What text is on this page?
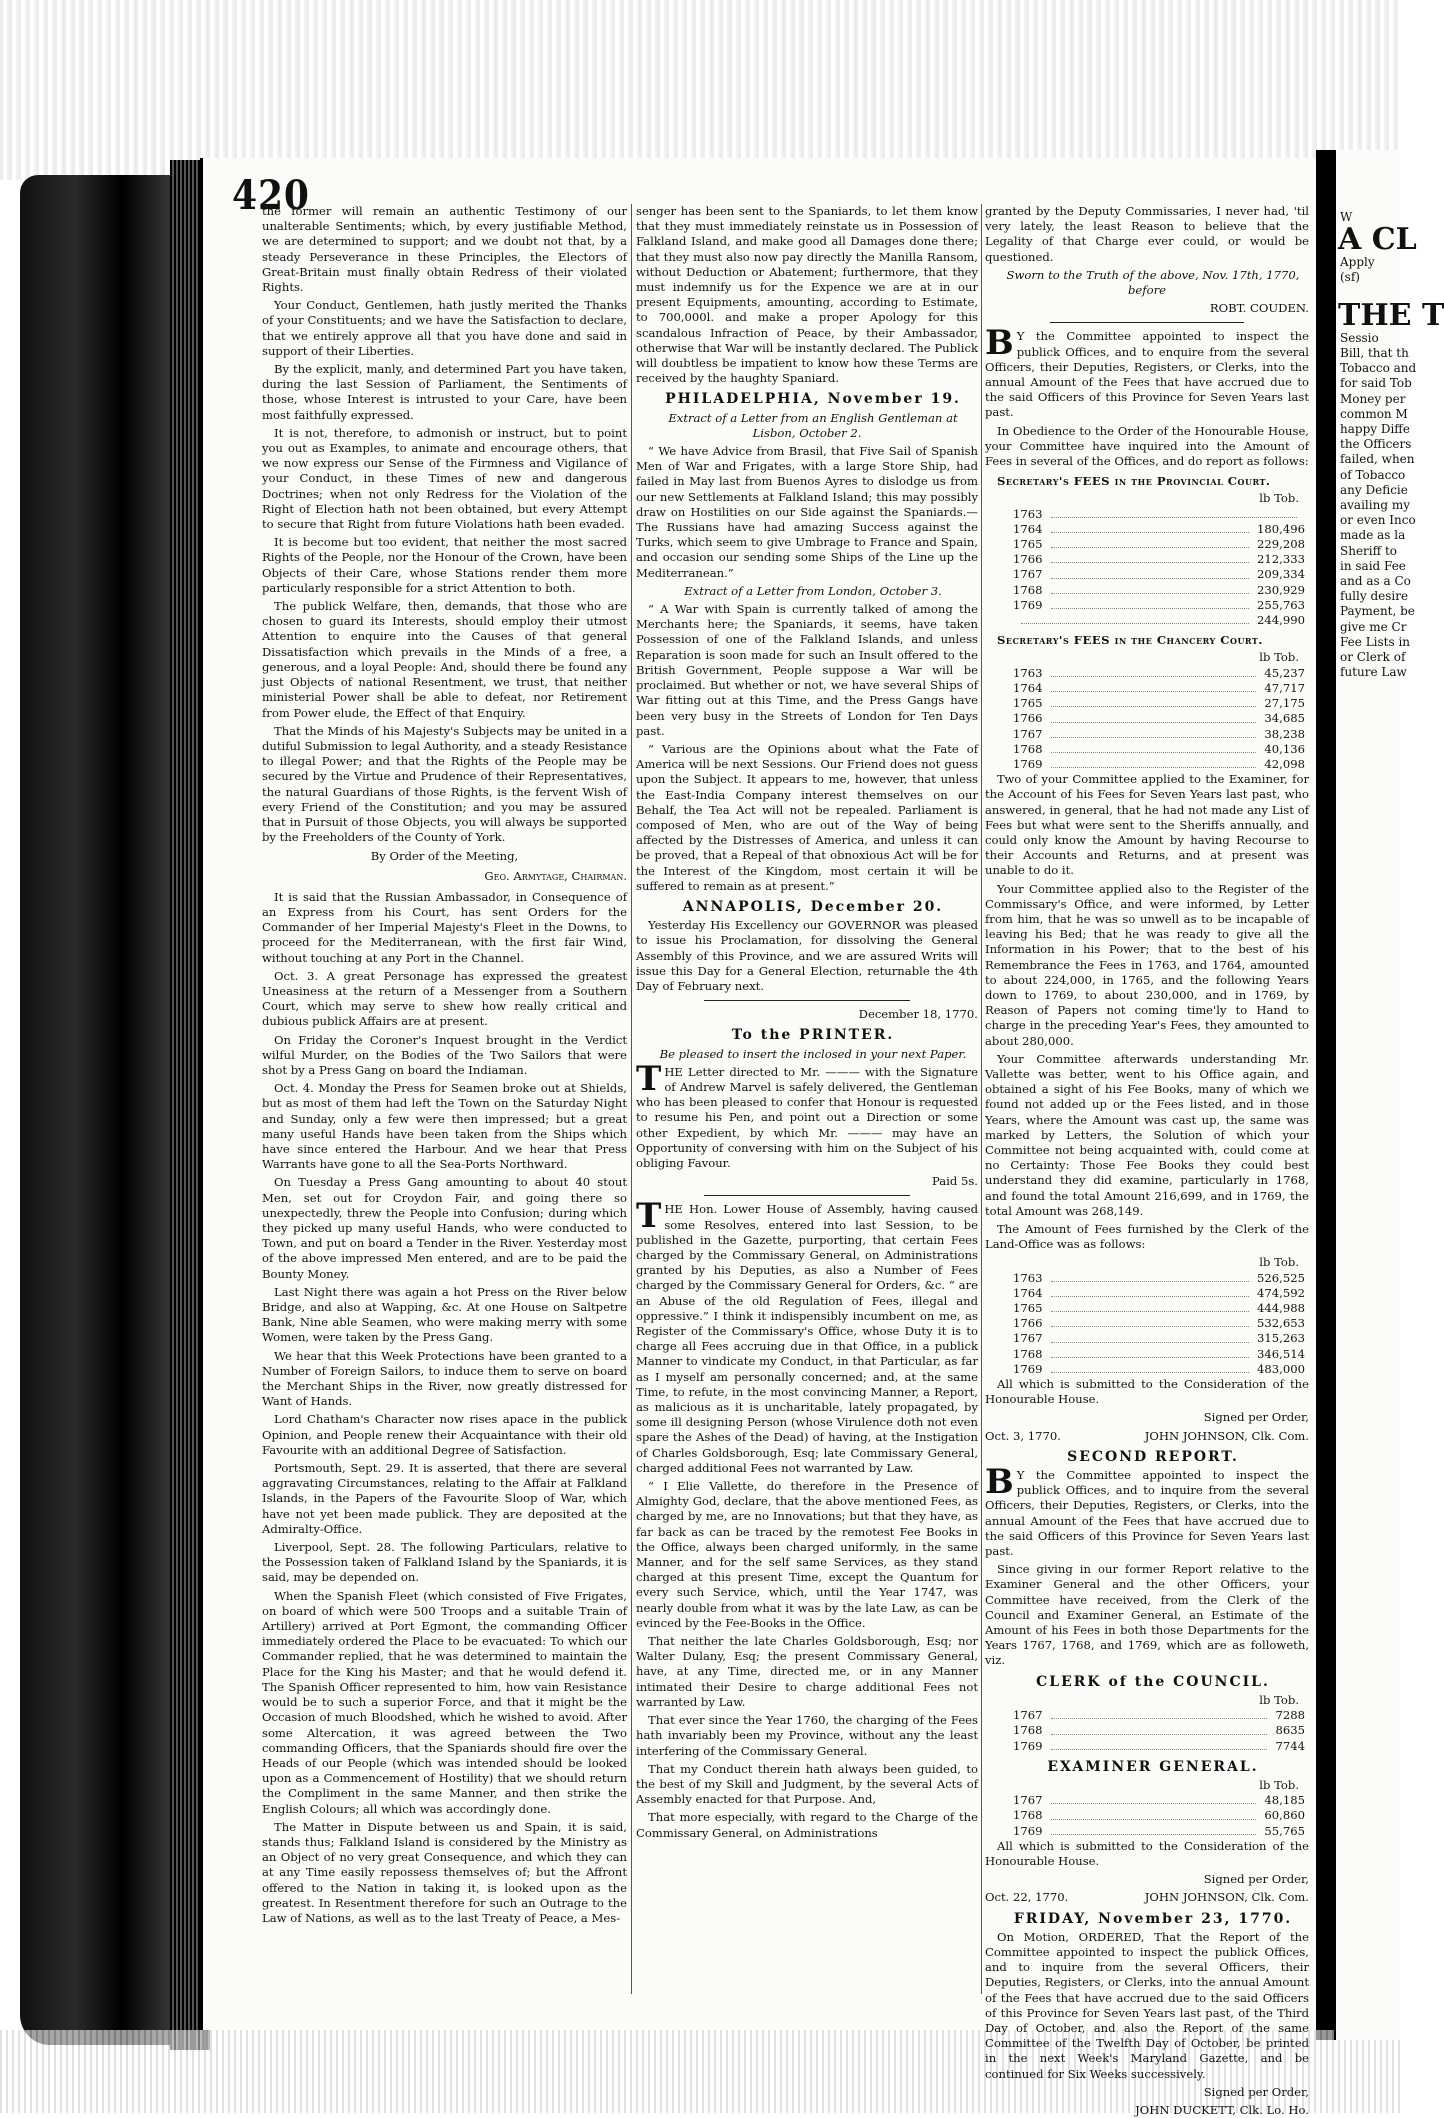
420

the former will remain an authentic Testimony of our unalterable Sentiments; which, by every justifiable Method, we are determined to support; and we doubt not that, by a steady Perseverance in these Principles, the Electors of Great-Britain must finally obtain Redress of their violated Rights.

Your Conduct, Gentlemen, hath justly merited the Thanks of your Constituents; and we have the Satisfaction to declare, that we entirely approve all that you have done and said in support of their Liberties.

By the explicit, manly, and determined Part you have taken, during the last Session of Parliament, the Sentiments of those, whose Interest is intrusted to your Care, have been most faithfully expressed.

It is not, therefore, to admonish or instruct, but to point you out as Examples, to animate and encourage others, that we now express our Sense of the Firmness and Vigilance of your Conduct, in these Times of new and dangerous Doctrines; when not only Redress for the Violation of the Right of Election hath not been obtained, but every Attempt to secure that Right from future Violations hath been evaded.

It is become but too evident, that neither the most sacred Rights of the People, nor the Honour of the Crown, have been Objects of their Care, whose Stations render them more particularly responsible for a strict Attention to both.

The publick Welfare, then, demands, that those who are chosen to guard its Interests, should employ their utmost Attention to enquire into the Causes of that general Dissatisfaction which prevails in the Minds of a free, a generous, and a loyal People: And, should there be found any just Objects of national Resentment, we trust, that neither ministerial Power shall be able to defeat, nor Retirement from Power elude, the Effect of that Enquiry.

That the Minds of his Majesty's Subjects may be united in a dutiful Submission to legal Authority, and a steady Resistance to illegal Power; and that the Rights of the People may be secured by the Virtue and Prudence of their Representatives, the natural Guardians of those Rights, is the fervent Wish of every Friend of the Constitution; and you may be assured that in Pursuit of those Objects, you will always be supported by the Freeholders of the County of York.

By Order of the Meeting,

Geo. Armytage, Chairman.

It is said that the Russian Ambassador, in Consequence of an Express from his Court, has sent Orders for the Commander of her Imperial Majesty's Fleet in the Downs, to proceed for the Mediterranean, with the first fair Wind, without touching at any Port in the Channel.

Oct. 3. A great Personage has expressed the greatest Uneasiness at the return of a Messenger from a Southern Court, which may serve to shew how really critical and dubious publick Affairs are at present.

On Friday the Coroner's Inquest brought in the Verdict wilful Murder, on the Bodies of the Two Sailors that were shot by a Press Gang on board the Indiaman.

Oct. 4. Monday the Press for Seamen broke out at Shields, but as most of them had left the Town on the Saturday Night and Sunday, only a few were then impressed; but a great many useful Hands have been taken from the Ships which have since entered the Harbour. And we hear that Press Warrants have gone to all the Sea-Ports Northward.

On Tuesday a Press Gang amounting to about 40 stout Men, set out for Croydon Fair, and going there so unexpectedly, threw the People into Confusion; during which they picked up many useful Hands, who were conducted to Town, and put on board a Tender in the River. Yesterday most of the above impressed Men entered, and are to be paid the Bounty Money.

Last Night there was again a hot Press on the River below Bridge, and also at Wapping, &c. At one House on Saltpetre Bank, Nine able Seamen, who were making merry with some Women, were taken by the Press Gang.

We hear that this Week Protections have been granted to a Number of Foreign Sailors, to induce them to serve on board the Merchant Ships in the River, now greatly distressed for Want of Hands.

Lord Chatham's Character now rises apace in the publick Opinion, and People renew their Acquaintance with their old Favourite with an additional Degree of Satisfaction.

Portsmouth, Sept. 29. It is asserted, that there are several aggravating Circumstances, relating to the Affair at Falkland Islands, in the Papers of the Favourite Sloop of War, which have not yet been made publick. They are deposited at the Admiralty-Office.

Liverpool, Sept. 28. The following Particulars, relative to the Possession taken of Falkland Island by the Spaniards, it is said, may be depended on.

When the Spanish Fleet (which consisted of Five Frigates, on board of which were 500 Troops and a suitable Train of Artillery) arrived at Port Egmont, the commanding Officer immediately ordered the Place to be evacuated: To which our Commander replied, that he was determined to maintain the Place for the King his Master; and that he would defend it. The Spanish Officer represented to him, how vain Resistance would be to such a superior Force, and that it might be the Occasion of much Bloodshed, which he wished to avoid. After some Altercation, it was agreed between the Two commanding Officers, that the Spaniards should fire over the Heads of our People (which was intended should be looked upon as a Commencement of Hostility) that we should return the Compliment in the same Manner, and then strike the English Colours; all which was accordingly done.

The Matter in Dispute between us and Spain, it is said, stands thus; Falkland Island is considered by the Ministry as an Object of no very great Consequence, and which they can at any Time easily repossess themselves of; but the Affront offered to the Nation in taking it, is looked upon as the greatest. In Resentment therefore for such an Outrage to the Law of Nations, as well as to the last Treaty of Peace, a Mes-

senger has been sent to the Spaniards, to let them know that they must immediately reinstate us in Possession of Falkland Island, and make good all Damages done there; that they must also now pay directly the Manilla Ransom, without Deduction or Abatement; furthermore, that they must indemnify us for the Expence we are at in our present Equipments, amounting, according to Estimate, to 700,000l. and make a proper Apology for this scandalous Infraction of Peace, by their Ambassador, otherwise that War will be instantly declared. The Publick will doubtless be impatient to know how these Terms are received by the haughty Spaniard.

PHILADELPHIA, November 19.

Extract of a Letter from an English Gentleman at Lisbon, October 2.

“ We have Advice from Brasil, that Five Sail of Spanish Men of War and Frigates, with a large Store Ship, had failed in May last from Buenos Ayres to dislodge us from our new Settlements at Falkland Island; this may possibly draw on Hostilities on our Side against the Spaniards.—The Russians have had amazing Success against the Turks, which seem to give Umbrage to France and Spain, and occasion our sending some Ships of the Line up the Mediterranean.”

Extract of a Letter from London, October 3.

“ A War with Spain is currently talked of among the Merchants here; the Spaniards, it seems, have taken Possession of one of the Falkland Islands, and unless Reparation is soon made for such an Insult offered to the British Government, People suppose a War will be proclaimed. But whether or not, we have several Ships of War fitting out at this Time, and the Press Gangs have been very busy in the Streets of London for Ten Days past.

“ Various are the Opinions about what the Fate of America will be next Sessions. Our Friend does not guess upon the Subject. It appears to me, however, that unless the East-India Company interest themselves on our Behalf, the Tea Act will not be repealed. Parliament is composed of Men, who are out of the Way of being affected by the Distresses of America, and unless it can be proved, that a Repeal of that obnoxious Act will be for the Interest of the Kingdom, most certain it will be suffered to remain as at present.”

ANNAPOLIS, December 20.

Yesterday His Excellency our GOVERNOR was pleased to issue his Proclamation, for dissolving the General Assembly of this Province, and we are assured Writs will issue this Day for a General Election, returnable the 4th Day of February next.

December 18, 1770.

To the PRINTER.

Be pleased to insert the inclosed in your next Paper.

THE Letter directed to Mr. ——— with the Signature of Andrew Marvel is safely delivered, the Gentleman who has been pleased to confer that Honour is requested to resume his Pen, and point out a Direction or some other Expedient, by which Mr. ——— may have an Opportunity of conversing with him on the Subject of his obliging Favour.

Paid 5s.

THE Hon. Lower House of Assembly, having caused some Resolves, entered into last Session, to be published in the Gazette, purporting, that certain Fees charged by the Commissary General, on Administrations granted by his Deputies, as also a Number of Fees charged by the Commissary General for Orders, &c. “ are an Abuse of the old Regulation of Fees, illegal and oppressive.” I think it indispensibly incumbent on me, as Register of the Commissary's Office, whose Duty it is to charge all Fees accruing due in that Office, in a publick Manner to vindicate my Conduct, in that Particular, as far as I myself am personally concerned; and, at the same Time, to refute, in the most convincing Manner, a Report, as malicious as it is uncharitable, lately propagated, by some ill designing Person (whose Virulence doth not even spare the Ashes of the Dead) of having, at the Instigation of Charles Goldsborough, Esq; late Commissary General, charged additional Fees not warranted by Law.

“ I Elie Vallette, do therefore in the Presence of Almighty God, declare, that the above mentioned Fees, as charged by me, are no Innovations; but that they have, as far back as can be traced by the remotest Fee Books in the Office, always been charged uniformly, in the same Manner, and for the self same Services, as they stand charged at this present Time, except the Quantum for every such Service, which, until the Year 1747, was nearly double from what it was by the late Law, as can be evinced by the Fee-Books in the Office.

That neither the late Charles Goldsborough, Esq; nor Walter Dulany, Esq; the present Commissary General, have, at any Time, directed me, or in any Manner intimated their Desire to charge additional Fees not warranted by Law.

That ever since the Year 1760, the charging of the Fees hath invariably been my Province, without any the least interfering of the Commissary General.

That my Conduct therein hath always been guided, to the best of my Skill and Judgment, by the several Acts of Assembly enacted for that Purpose. And,

That more especially, with regard to the Charge of the Commissary General, on Administrations

granted by the Deputy Commissaries, I never had, 'til very lately, the least Reason to believe that the Legality of that Charge ever could, or would be questioned.

Sworn to the Truth of the above, Nov. 17th, 1770, before

ROBT. COUDEN.

BY the Committee appointed to inspect the publick Offices, and to enquire from the several Officers, their Deputies, Registers, or Clerks, into the annual Amount of the Fees that have accrued due to the said Officers of this Province for Seven Years last past.

In Obedience to the Order of the Honourable House, your Committee have inquired into the Amount of Fees in several of the Offices, and do report as follows:

Secretary's FEES in the Provincial Court.

lb Tob.
1763
1764	180,496
1765	229,208
1766	212,333
1767	209,334
1768	230,929
1769	255,763
244,990

Secretary's FEES in the Chancery Court.

lb Tob.
1763	45,237
1764	47,717
1765	27,175
1766	34,685
1767	38,238
1768	40,136
1769	42,098

Two of your Committee applied to the Examiner, for the Account of his Fees for Seven Years last past, who answered, in general, that he had not made any List of Fees but what were sent to the Sheriffs annually, and could only know the Amount by having Recourse to their Accounts and Returns, and at present was unable to do it.

Your Committee applied also to the Register of the Commissary's Office, and were informed, by Letter from him, that he was so unwell as to be incapable of leaving his Bed; that he was ready to give all the Information in his Power; that to the best of his Remembrance the Fees in 1763, and 1764, amounted to about 224,000, in 1765, and the following Years down to 1769, to about 230,000, and in 1769, by Reason of Papers not coming time'ly to Hand to charge in the preceding Year's Fees, they amounted to about 280,000.

Your Committee afterwards understanding Mr. Vallette was better, went to his Office again, and obtained a sight of his Fee Books, many of which we found not added up or the Fees listed, and in those Years, where the Amount was cast up, the same was marked by Letters, the Solution of which your Committee not being acquainted with, could come at no Certainty: Those Fee Books they could best understand they did examine, particularly in 1768, and found the total Amount 216,699, and in 1769, the total Amount was 268,149.

The Amount of Fees furnished by the Clerk of the Land-Office was as follows:

lb Tob.
1763	526,525
1764	474,592
1765	444,988
1766	532,653
1767	315,263
1768	346,514
1769	483,000

All which is submitted to the Consideration of the Honourable House.

Signed per Order,

Oct. 3, 1770.	JOHN JOHNSON, Clk. Com.

SECOND REPORT.

BY the Committee appointed to inspect the publick Offices, and to inquire from the several Officers, their Deputies, Registers, or Clerks, into the annual Amount of the Fees that have accrued due to the said Officers of this Province for Seven Years last past.

Since giving in our former Report relative to the Examiner General and the other Officers, your Committee have received, from the Clerk of the Council and Examiner General, an Estimate of the Amount of his Fees in both those Departments for the Years 1767, 1768, and 1769, which are as followeth, viz.

CLERK of the COUNCIL.

lb Tob.
1767	7288
1768	8635
1769	7744

EXAMINER GENERAL.

lb Tob.
1767	48,185
1768	60,860
1769	55,765

All which is submitted to the Consideration of the Honourable House.

Signed per Order,

Oct. 22, 1770.	JOHN JOHNSON, Clk. Com.

FRIDAY, November 23, 1770.

On Motion, ORDERED, That the Report of the Committee appointed to inspect the publick Offices, and to inquire from the several Officers, their Deputies, Registers, or Clerks, into the annual Amount of the Fees that have accrued due to the said Officers of this Province for Seven Years last past, of the Third Day of October, and also the Report of the same Committee of the Twelfth Day of October, be printed in the next Week's Maryland Gazette, and be continued for Six Weeks successively.

Signed per Order,

JOHN DUCKETT, Clk. Lo. Ho.

W
A CL
Apply
(sf)

THE T
Sessio
Bill, that th
Tobacco and
for said Tob
Money per
common M
happy Diffe
the Officers
failed, when
of Tobacco
any Deficie
availing my
or even Inco
made as la
Sheriff to
in said Fee
and as a Co
fully desire
Payment, be
give me Cr
Fee Lists in
or Clerk of
future Law
